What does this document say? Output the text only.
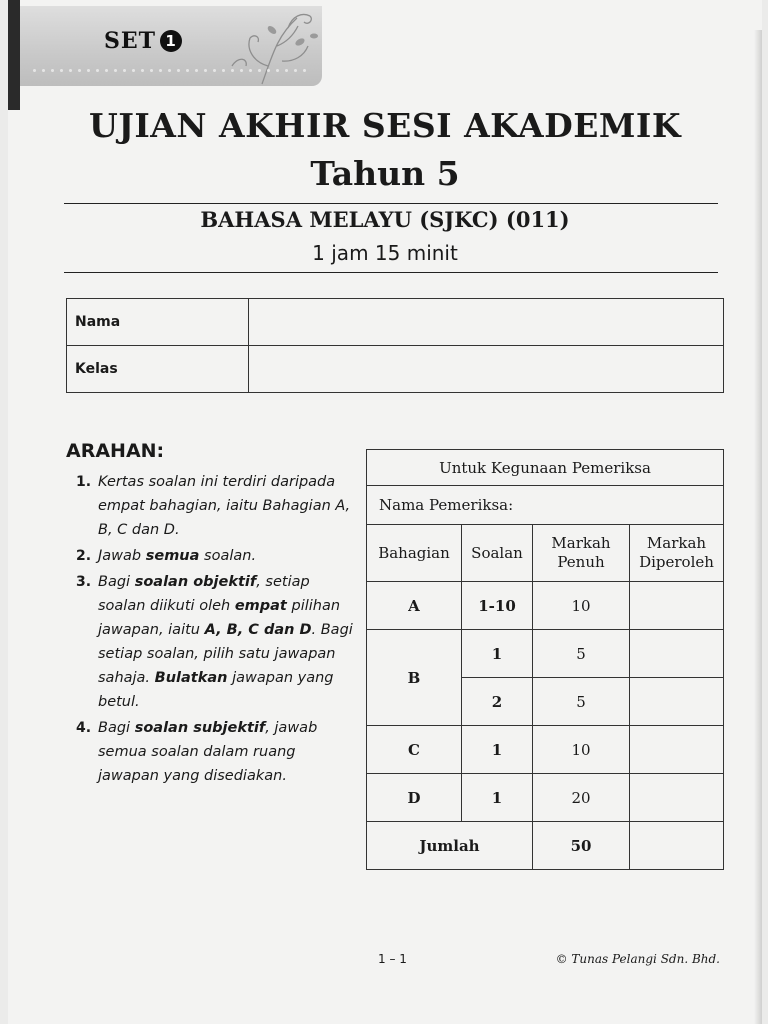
SET 1
UJIAN AKHIR SESI AKADEMIK
Tahun 5
BAHASA MELAYU (SJKC) (011)
1 jam 15 minit
Nama	
Kelas	
ARAHAN:
1. Kertas soalan ini terdiri daripada empat bahagian, iaitu Bahagian A, B, C dan D.
2. Jawab semua soalan.
3. Bagi soalan objektif, setiap soalan diikuti oleh empat pilihan jawapan, iaitu A, B, C dan D. Bagi setiap soalan, pilih satu jawapan sahaja. Bulatkan jawapan yang betul.
4. Bagi soalan subjektif, jawab semua soalan dalam ruang jawapan yang disediakan.
Untuk Kegunaan Pemeriksa			
Nama Pemeriksa:			
Bahagian	Soalan	Markah Penuh	Markah Diperoleh
A	1-10	10	
B	1	5	
	2	5	
C	1	10	
D	1	20	
Jumlah		50	
1 – 1	© Tunas Pelangi Sdn. Bhd.
